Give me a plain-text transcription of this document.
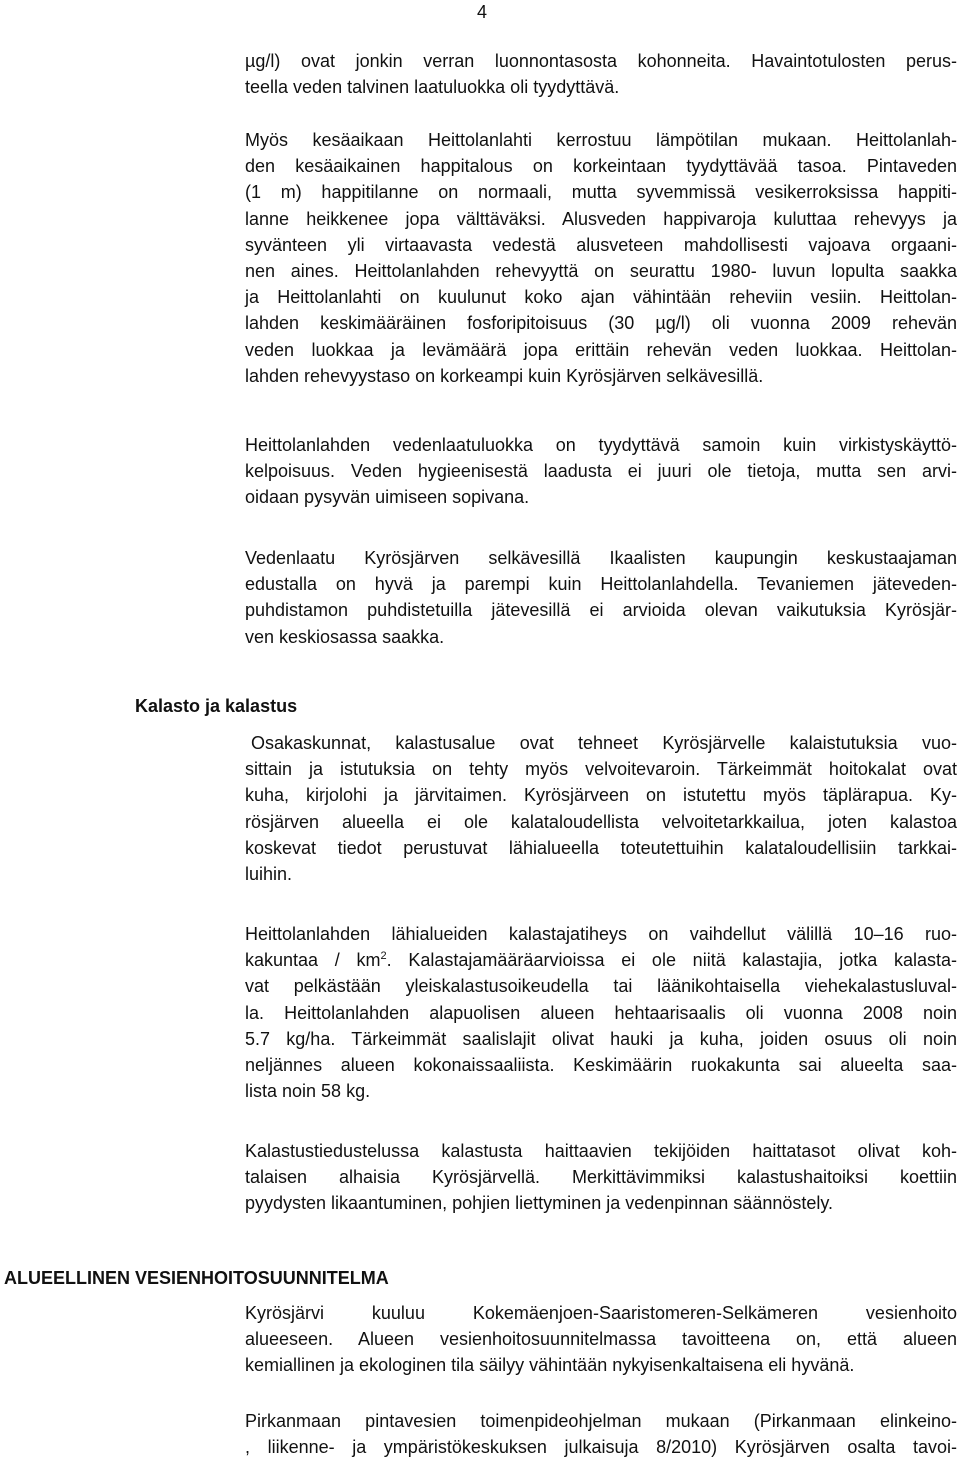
4
µg/l) ovat jonkin verran luonnontasosta kohonneita. Havaintotulosten perus-
teella veden talvinen laatuluokka oli tyydyttävä.
Myös kesäaikaan Heittolanlahti kerrostuu lämpötilan mukaan. Heittolanlah-
den kesäaikainen happitalous on korkeintaan tyydyttävää tasoa. Pintaveden
(1 m) happitilanne on normaali, mutta syvemmissä vesikerroksissa happiti-
lanne heikkenee jopa välttäväksi. Alusveden happivaroja kuluttaa rehevyys ja
syvänteen yli virtaavasta vedestä alusveteen mahdollisesti vajoava orgaani-
nen aines. Heittolanlahden rehevyyttä on seurattu 1980- luvun lopulta saakka
ja Heittolanlahti on kuulunut koko ajan vähintään reheviin vesiin. Heittolan-
lahden keskimääräinen fosforipitoisuus (30 µg/l) oli vuonna 2009 rehevän
veden luokkaa ja levämäärä jopa erittäin rehevän veden luokkaa. Heittolan-
lahden rehevyystaso on korkeampi kuin Kyrösjärven selkävesillä.
Heittolanlahden vedenlaatuluokka on tyydyttävä samoin kuin virkistyskäyttö-
kelpoisuus. Veden hygieenisestä laadusta ei juuri ole tietoja, mutta sen arvi-
oidaan pysyvän uimiseen sopivana.
Vedenlaatu Kyrösjärven selkävesillä Ikaalisten kaupungin keskustaajaman
edustalla on hyvä ja parempi kuin Heittolanlahdella. Tevaniemen jäteveden-
puhdistamon puhdistetuilla jätevesillä ei arvioida olevan vaikutuksia Kyrösjär-
ven keskiosassa saakka.
Kalasto ja kalastus
Osakaskunnat, kalastusalue ovat tehneet Kyrösjärvelle kalaistutuksia vuo-
sittain ja istutuksia on tehty myös velvoitevaroin. Tärkeimmät hoitokalat ovat
kuha, kirjolohi ja järvitaimen. Kyrösjärveen on istutettu myös täplärapua. Ky-
rösjärven alueella ei ole kalataloudellista velvoitetarkkailua, joten kalastoa
koskevat tiedot perustuvat lähialueella toteutettuihin kalataloudellisiin tarkkai-
luihin.
Heittolanlahden lähialueiden kalastajatiheys on vaihdellut välillä 10–16 ruo-
kakuntaa / $km^2$. Kalastajamääräarvioissa ei ole niitä kalastajia, jotka kalasta-
vat pelkästään yleiskalastusoikeudella tai läänikohtaisella viehekalastusluval-
la. Heittolanlahden alapuolisen alueen hehtaarisaalis oli vuonna 2008 noin
5.7 kg/ha. Tärkeimmät saalislajit olivat hauki ja kuha, joiden osuus oli noin
neljännes alueen kokonaissaaliista. Keskimäärin ruokakunta sai alueelta saa-
lista noin 58 kg.
Kalastustiedustelussa kalastusta haittaavien tekijöiden haittatasot olivat koh-
talaisen alhaisia Kyrösjärvellä. Merkittävimmiksi kalastushaitoiksi koettiin
pyydysten likaantuminen, pohjien liettyminen ja vedenpinnan säännöstely.
ALUEELLINEN VESIENHOITOSUUNNITELMA
Kyrösjärvi kuuluu Kokemäenjoen-Saaristomeren-Selkämeren vesienhoito
alueeseen. Alueen vesienhoitosuunnitelmassa tavoitteena on, että alueen
kemiallinen ja ekologinen tila säilyy vähintään nykyisenkaltaisena eli hyvänä.
Pirkanmaan pintavesien toimenpideohjelman mukaan (Pirkanmaan elinkeino-
, liikenne- ja ympäristökeskuksen julkaisuja 8/2010) Kyrösjärven osalta tavoi-
